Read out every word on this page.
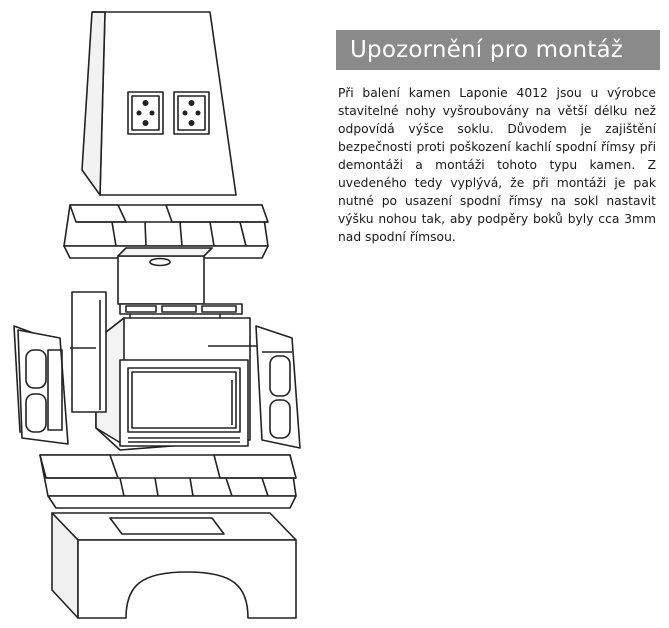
Upozornění pro montáž
Při balení kamen Laponie 4012 jsou u výrobce stavitelné nohy vyšroubovány na větší délku než odpovídá výšce soklu. Důvodem je zajištění bezpečnosti proti poškození kachlí spodní římsy při demontáži a montáži tohoto typu kamen. Z uvedeného tedy vyplývá, že při montáži je pak nutné po usazení spodní římsy na sokl nastavit výšku nohou tak, aby podpěry boků byly cca 3mm nad spodní římsou.
